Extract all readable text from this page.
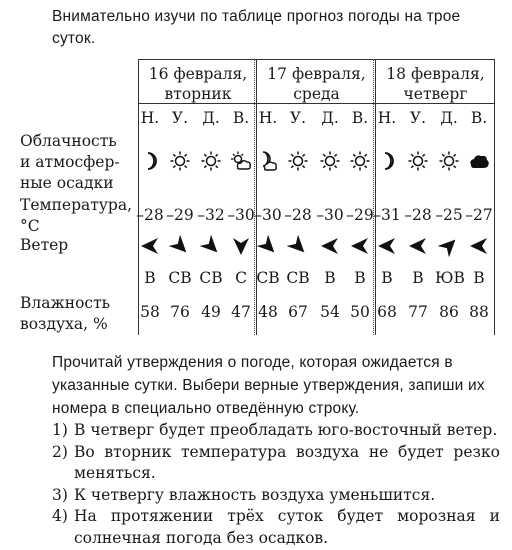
Внимательно изучи по таблице прогноз погоды на трое суток.
16 февраля,
вторник
17 февраля,
среда
18 февраля,
четверг
Облачность
и атмосфер-
ные осадки
Температура,
°C
Ветер
Влажность
воздуха, %
Н.
–28
В
58
У.
–29
СВ
76
Д.
–32
СВ
49
В.
–30
С
47
Н.
–30
СВ
48
У.
–28
СВ
67
Д.
–30
В
54
В.
–29
В
50
Н.
–31
В
68
У.
–28
В
77
Д.
–25
ЮВ
86
В.
–27
В
88
Прочитай утверждения о погоде, которая ожидается в указанные сутки. Выбери верные утверждения, запиши их номера в специально отведённую строку.
1) В четверг будет преобладать юго-восточный ветер.
2) Во вторник температура воздуха не будет резко меняться.
3) К четвергу влажность воздуха уменьшится.
4) На протяжении трёх суток будет морозная и солнечная погода без осадков.
